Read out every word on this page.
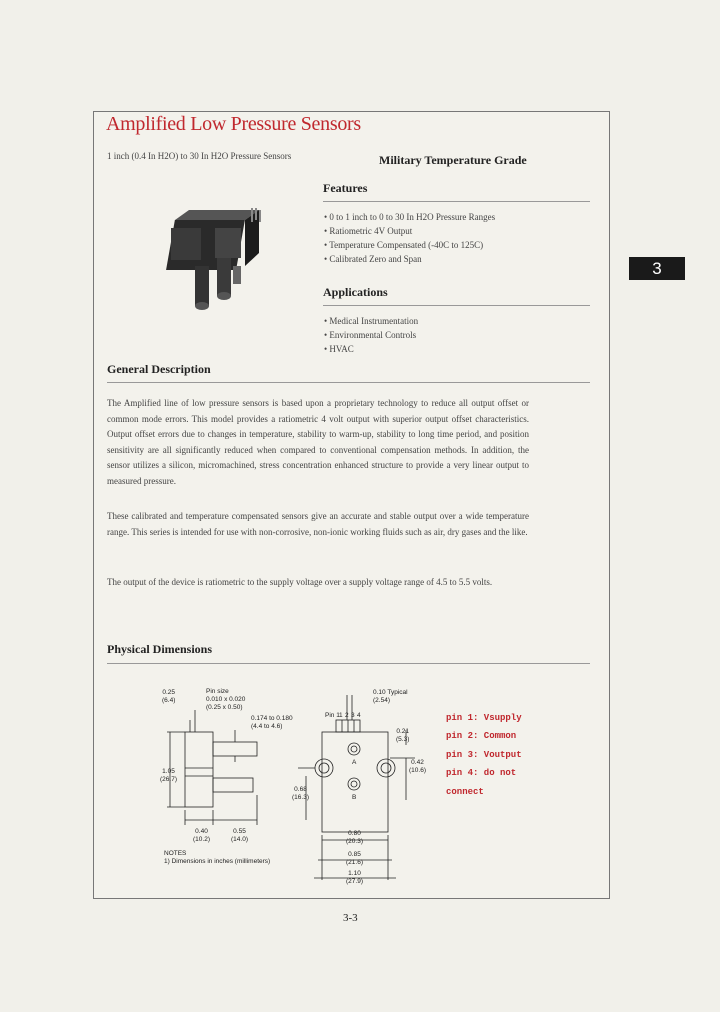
Amplified Low Pressure Sensors
1 inch (0.4 In H2O) to 30 In H2O Pressure Sensors	Military Temperature Grade
3
Features
• 0 to 1 inch to 0 to 30 In H2O Pressure Ranges
• Ratiometric 4V Output
• Temperature Compensated (-40C to 125C)
• Calibrated Zero and Span
Applications
• Medical Instrumentation
• Environmental Controls
• HVAC
General Description
The Amplified line of low pressure sensors is based upon a proprietary technology to reduce all output offset or common mode errors. This model provides a ratiometric 4 volt output with superior output offset characteristics. Output offset errors due to changes in temperature, stability to warm-up, stability to long time period, and position sensitivity are all significantly reduced when compared to conventional compensation methods. In addition, the sensor utilizes a silicon, micromachined, stress concentration enhanced structure to provide a very linear output to measured pressure.
These calibrated and temperature compensated sensors give an accurate and stable output over a wide temperature range. This series is intended for use with non-corrosive, non-ionic working fluids such as air, dry gases and the like.
The output of the device is ratiometric to the supply voltage over a supply voltage range of 4.5 to 5.5 volts.
Physical Dimensions
0.25
(6.4)
Pin size
0.010 x 0.020
(0.25 x 0.50)
0.174 to 0.180
(4.4 to 4.6)
1.05
(26.7)
0.40
(10.2)
0.55
(14.0)
NOTES
1) Dimensions in inches (millimeters)
0.10 Typical
(2.54)
Pin 1 1 2 3 4
0.21
(5.3)
0.42
(10.6)
0.68
(16.3)
A
B
0.80
(20.3)
0.85
(21.6)
1.10
(27.9)
pin 1: Vsupply
pin 2: Common
pin 3: Voutput
pin 4: do not
connect
3-3
